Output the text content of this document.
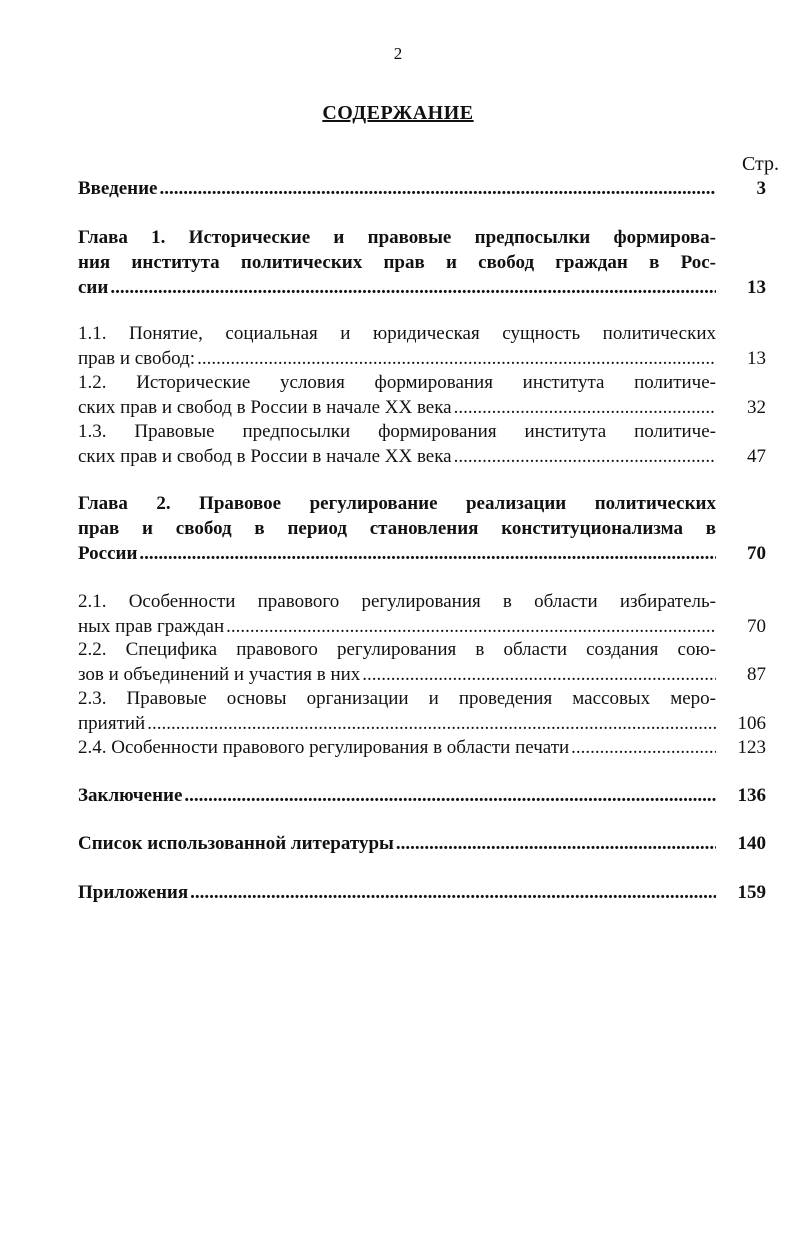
2
СОДЕРЖАНИЕ
Стр.
Введение .....	3
Глава 1. Исторические и правовые предпосылки формирова-
ния института политических прав и свобод граждан в Рос-
сии .....	13
1.1. Понятие, социальная и юридическая сущность политических
прав и свобод: .....	13
1.2. Исторические условия формирования института политиче-
ских прав и свобод в России в начале XX века .....	32
1.3. Правовые предпосылки формирования института политиче-
ских прав и свобод в России в начале XX века .....	47
Глава 2. Правовое регулирование реализации политических
прав и свобод в период становления конституционализма в
России .....	70
2.1. Особенности правового регулирования в области избиратель-
ных прав граждан .....	70
2.2. Специфика правового регулирования в области создания сою-
зов и объединений и участия в них .....	87
2.3. Правовые основы организации и проведения массовых меро-
приятий .....	106
2.4. Особенности правового регулирования в области печати .....	123
Заключение .....	136
Список использованной литературы .....	140
Приложения .....	159
